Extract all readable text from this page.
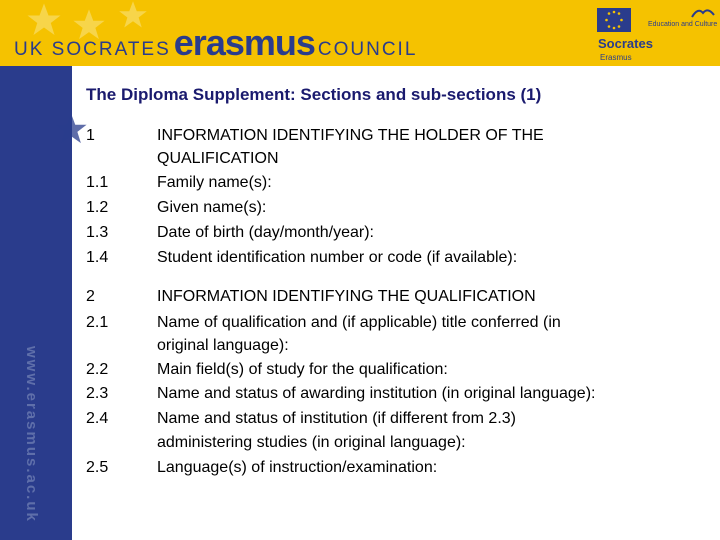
UK SOCRATESerasmus COUNCIL
Education and Culture
Socrates
Erasmus
www.erasmus.ac.uk
The Diploma Supplement: Sections and sub-sections (1)
1	INFORMATION IDENTIFYING THE HOLDER OF THE
QUALIFICATION
1.1	Family name(s):
1.2	Given name(s):
1.3	Date of birth (day/month/year):
1.4	Student identification number or code (if available):
2	INFORMATION IDENTIFYING THE QUALIFICATION
2.1	Name of qualification and (if applicable) title conferred (in
original language):
2.2	Main field(s) of study for the qualification:
2.3	Name and status of awarding institution (in original language):
2.4	Name and status of institution (if different from 2.3)
administering studies (in original language):
2.5	Language(s) of instruction/examination:
